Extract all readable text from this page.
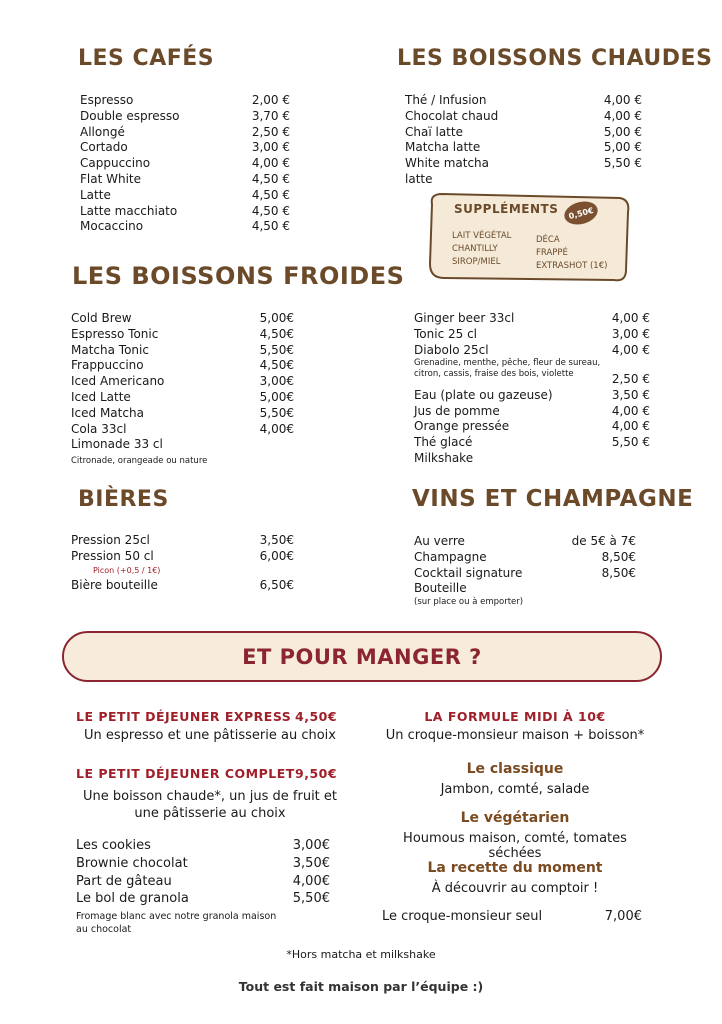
LES CAFÉS
Espresso	2,00 €
Double espresso	3,70 €
Allongé	2,50 €
Cortado	3,00 €
Cappuccino	4,00 €
Flat White	4,50 €
Latte	4,50 €
Latte macchiato	4,50 €
Mocaccino	4,50 €
LES BOISSONS CHAUDES
Thé / Infusion	4,00 €
Chocolat chaud	4,00 €
Chaï latte	5,00 €
Matcha latte	5,00 €
White matcha	5,50 €
latte
SUPPLÉMENTS	0,50€
LAIT VÉGÉTAL
CHANTILLY
SIROP/MIEL
DÉCA
FRAPPÉ
EXTRASHOT (1€)
LES BOISSONS FROIDES
Cold Brew	5,00€
Espresso Tonic	4,50€
Matcha Tonic	5,50€
Frappuccino	4,50€
Iced Americano	3,00€
Iced Latte	5,00€
Iced Matcha	5,50€
Cola 33cl	4,00€
Limonade 33 cl
Citronade, orangeade ou nature
Ginger beer 33cl	4,00 €
Tonic 25 cl	3,00 €
Diabolo 25cl	4,00 €
Grenadine, menthe, pêche, fleur de sureau, citron, cassis, fraise des bois, violette	2,50 €
Eau (plate ou gazeuse)	3,50 €
Jus de pomme	4,00 €
Orange pressée	4,00 €
Thé glacé	5,50 €
Milkshake
BIÈRES
Pression 25cl	3,50€
Pression 50 cl	6,00€
Picon (+0,5 / 1€)
Bière bouteille	6,50€
VINS ET CHAMPAGNE
Au verre	de 5€ à 7€
Champagne	8,50€
Cocktail signature	8,50€
Bouteille
(sur place ou à emporter)
ET POUR MANGER ?
LE PETIT DÉJEUNER EXPRESS 4,50€
Un espresso et une pâtisserie au choix
LE PETIT DÉJEUNER COMPLET 9,50€
Une boisson chaude*, un jus de fruit et
une pâtisserie au choix
Les cookies	3,00€
Brownie chocolat	3,50€
Part de gâteau	4,00€
Le bol de granola	5,50€
Fromage blanc avec notre granola maison au chocolat
LA FORMULE MIDI À 10€
Un croque-monsieur maison + boisson*
Le classique
Jambon, comté, salade
Le végétarien
Houmous maison, comté, tomates séchées
La recette du moment
À découvrir au comptoir !
Le croque-monsieur seul	7,00€
*Hors matcha et milkshake
Tout est fait maison par l’équipe :)
